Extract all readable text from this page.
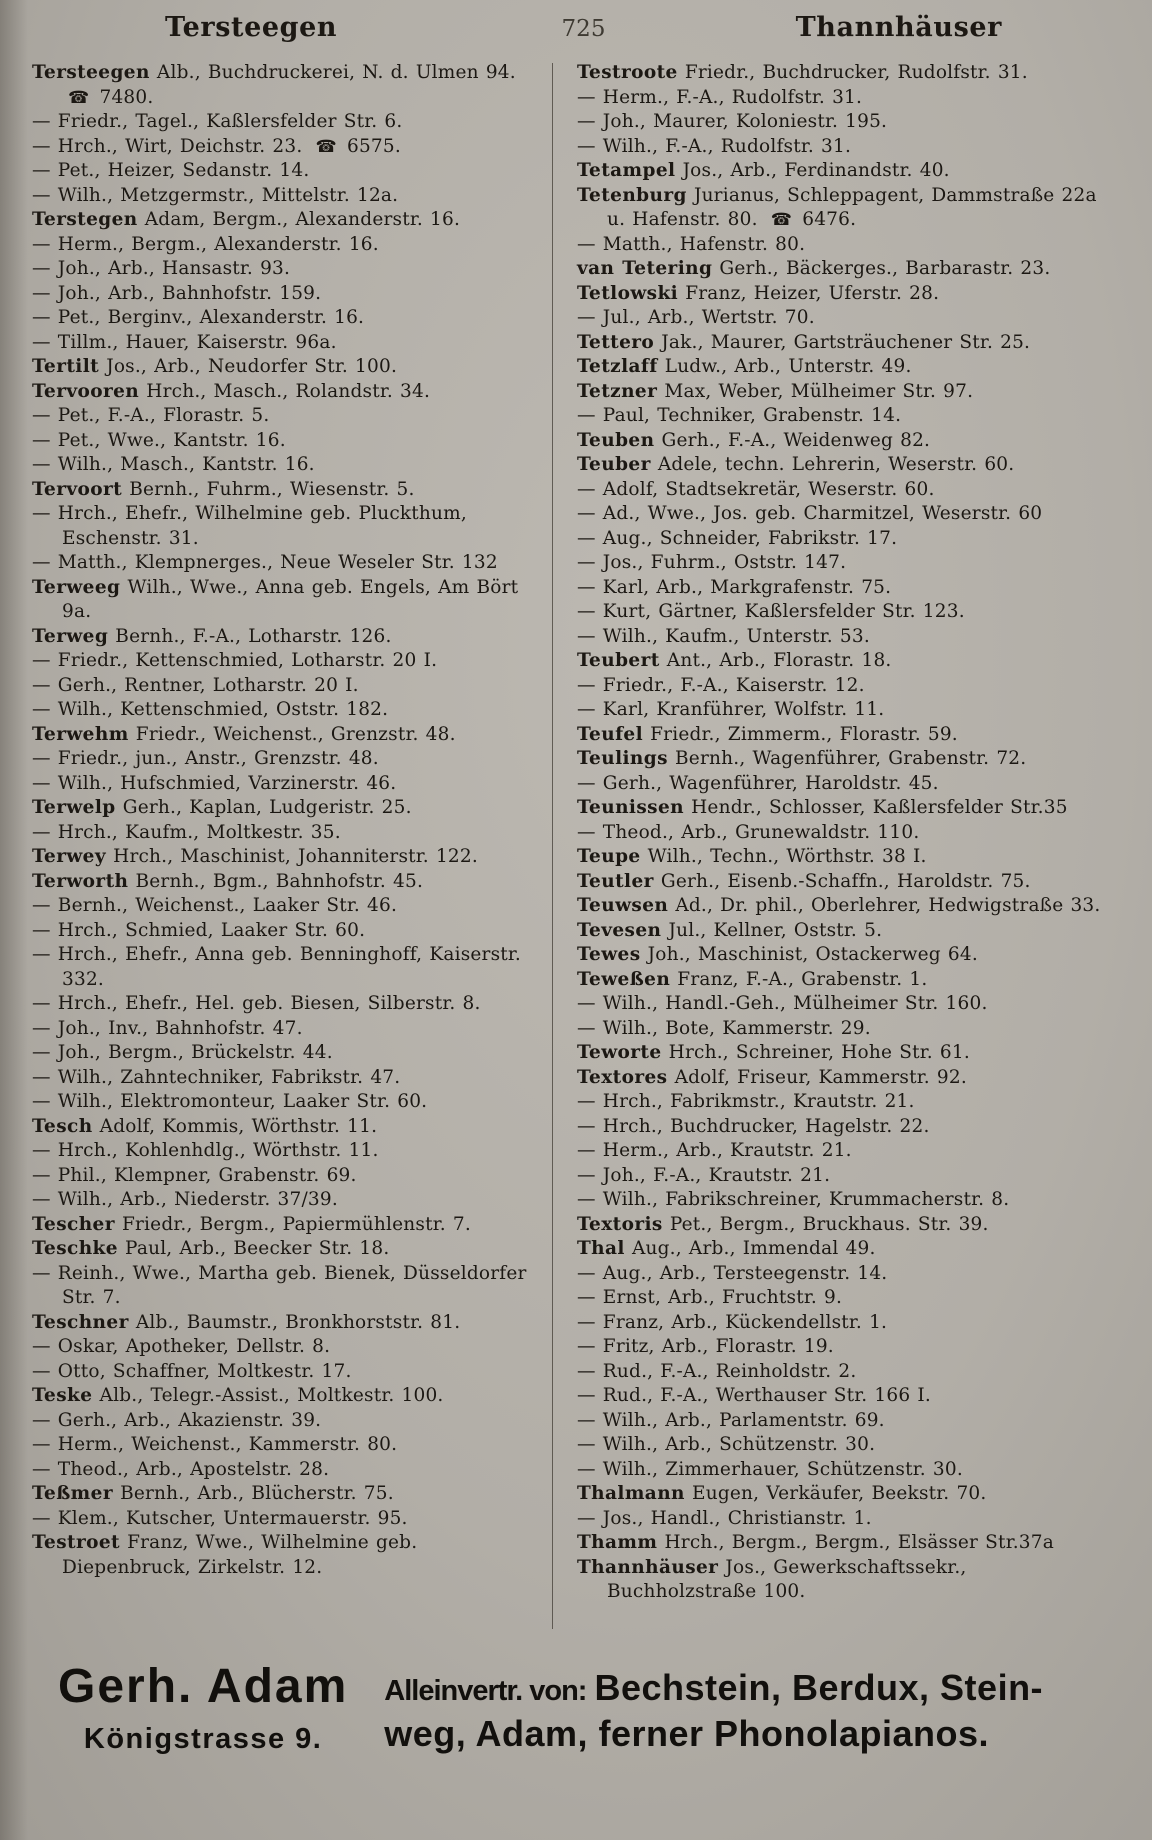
Tersteegen	725	Thannhäuser

Tersteegen Alb., Buchdruckerei, N. d. Ulmen 94. ☎ 7480.

— Friedr., Tagel., Kaßlersfelder Str. 6.

— Hrch., Wirt, Deichstr. 23. ☎ 6575.

— Pet., Heizer, Sedanstr. 14.

— Wilh., Metzgermstr., Mittelstr. 12a.

Terstegen Adam, Bergm., Alexanderstr. 16.

— Herm., Bergm., Alexanderstr. 16.

— Joh., Arb., Hansastr. 93.

— Joh., Arb., Bahnhofstr. 159.

— Pet., Berginv., Alexanderstr. 16.

— Tillm., Hauer, Kaiserstr. 96a.

Tertilt Jos., Arb., Neudorfer Str. 100.

Tervooren Hrch., Masch., Rolandstr. 34.

— Pet., F.-A., Florastr. 5.

— Pet., Wwe., Kantstr. 16.

— Wilh., Masch., Kantstr. 16.

Tervoort Bernh., Fuhrm., Wiesenstr. 5.

— Hrch., Ehefr., Wilhelmine geb. Pluckthum, Eschenstr. 31.

— Matth., Klempnerges., Neue Weseler Str. 132

Terweeg Wilh., Wwe., Anna geb. Engels, Am Bört 9a.

Terweg Bernh., F.-A., Lotharstr. 126.

— Friedr., Kettenschmied, Lotharstr. 20 I.

— Gerh., Rentner, Lotharstr. 20 I.

— Wilh., Kettenschmied, Oststr. 182.

Terwehm Friedr., Weichenst., Grenzstr. 48.

— Friedr., jun., Anstr., Grenzstr. 48.

— Wilh., Hufschmied, Varzinerstr. 46.

Terwelp Gerh., Kaplan, Ludgeristr. 25.

— Hrch., Kaufm., Moltkestr. 35.

Terwey Hrch., Maschinist, Johanniterstr. 122.

Terworth Bernh., Bgm., Bahnhofstr. 45.

— Bernh., Weichenst., Laaker Str. 46.

— Hrch., Schmied, Laaker Str. 60.

— Hrch., Ehefr., Anna geb. Benninghoff, Kaiserstr. 332.

— Hrch., Ehefr., Hel. geb. Biesen, Silberstr. 8.

— Joh., Inv., Bahnhofstr. 47.

— Joh., Bergm., Brückelstr. 44.

— Wilh., Zahntechniker, Fabrikstr. 47.

— Wilh., Elektromonteur, Laaker Str. 60.

Tesch Adolf, Kommis, Wörthstr. 11.

— Hrch., Kohlenhdlg., Wörthstr. 11.

— Phil., Klempner, Grabenstr. 69.

— Wilh., Arb., Niederstr. 37/39.

Tescher Friedr., Bergm., Papiermühlenstr. 7.

Teschke Paul, Arb., Beecker Str. 18.

— Reinh., Wwe., Martha geb. Bienek, Düsseldorfer Str. 7.

Teschner Alb., Baumstr., Bronkhorststr. 81.

— Oskar, Apotheker, Dellstr. 8.

— Otto, Schaffner, Moltkestr. 17.

Teske Alb., Telegr.-Assist., Moltkestr. 100.

— Gerh., Arb., Akazienstr. 39.

— Herm., Weichenst., Kammerstr. 80.

— Theod., Arb., Apostelstr. 28.

Teßmer Bernh., Arb., Blücherstr. 75.

— Klem., Kutscher, Untermauerstr. 95.

Testroet Franz, Wwe., Wilhelmine geb. Diepenbruck, Zirkelstr. 12.

Testroote Friedr., Buchdrucker, Rudolfstr. 31.

— Herm., F.-A., Rudolfstr. 31.

— Joh., Maurer, Koloniestr. 195.

— Wilh., F.-A., Rudolfstr. 31.

Tetampel Jos., Arb., Ferdinandstr. 40.

Tetenburg Jurianus, Schleppagent, Dammstraße 22a u. Hafenstr. 80. ☎ 6476.

— Matth., Hafenstr. 80.

van Tetering Gerh., Bäckerges., Barbarastr. 23.

Tetlowski Franz, Heizer, Uferstr. 28.

— Jul., Arb., Wertstr. 70.

Tettero Jak., Maurer, Gartsträuchener Str. 25.

Tetzlaff Ludw., Arb., Unterstr. 49.

Tetzner Max, Weber, Mülheimer Str. 97.

— Paul, Techniker, Grabenstr. 14.

Teuben Gerh., F.-A., Weidenweg 82.

Teuber Adele, techn. Lehrerin, Weserstr. 60.

— Adolf, Stadtsekretär, Weserstr. 60.

— Ad., Wwe., Jos. geb. Charmitzel, Weserstr. 60

— Aug., Schneider, Fabrikstr. 17.

— Jos., Fuhrm., Oststr. 147.

— Karl, Arb., Markgrafenstr. 75.

— Kurt, Gärtner, Kaßlersfelder Str. 123.

— Wilh., Kaufm., Unterstr. 53.

Teubert Ant., Arb., Florastr. 18.

— Friedr., F.-A., Kaiserstr. 12.

— Karl, Kranführer, Wolfstr. 11.

Teufel Friedr., Zimmerm., Florastr. 59.

Teulings Bernh., Wagenführer, Grabenstr. 72.

— Gerh., Wagenführer, Haroldstr. 45.

Teunissen Hendr., Schlosser, Kaßlersfelder Str.35

— Theod., Arb., Grunewaldstr. 110.

Teupe Wilh., Techn., Wörthstr. 38 I.

Teutler Gerh., Eisenb.-Schaffn., Haroldstr. 75.

Teuwsen Ad., Dr. phil., Oberlehrer, Hedwigstraße 33.

Tevesen Jul., Kellner, Oststr. 5.

Tewes Joh., Maschinist, Ostackerweg 64.

Teweßen Franz, F.-A., Grabenstr. 1.

— Wilh., Handl.-Geh., Mülheimer Str. 160.

— Wilh., Bote, Kammerstr. 29.

Teworte Hrch., Schreiner, Hohe Str. 61.

Textores Adolf, Friseur, Kammerstr. 92.

— Hrch., Fabrikmstr., Krautstr. 21.

— Hrch., Buchdrucker, Hagelstr. 22.

— Herm., Arb., Krautstr. 21.

— Joh., F.-A., Krautstr. 21.

— Wilh., Fabrikschreiner, Krummacherstr. 8.

Textoris Pet., Bergm., Bruckhaus. Str. 39.

Thal Aug., Arb., Immendal 49.

— Aug., Arb., Tersteegenstr. 14.

— Ernst, Arb., Fruchtstr. 9.

— Franz, Arb., Kückendellstr. 1.

— Fritz, Arb., Florastr. 19.

— Rud., F.-A., Reinholdstr. 2.

— Rud., F.-A., Werthauser Str. 166 I.

— Wilh., Arb., Parlamentstr. 69.

— Wilh., Arb., Schützenstr. 30.

— Wilh., Zimmerhauer, Schützenstr. 30.

Thalmann Eugen, Verkäufer, Beekstr. 70.

— Jos., Handl., Christianstr. 1.

Thamm Hrch., Bergm., Bergm., Elsässer Str.37a

Thannhäuser Jos., Gewerkschaftssekr., Buchholzstraße 100.

Gerh. Adam
Königstrasse 9.
Alleinvertr. von: Bechstein, Berdux, Stein-
weg, Adam, ferner Phonolapianos.
